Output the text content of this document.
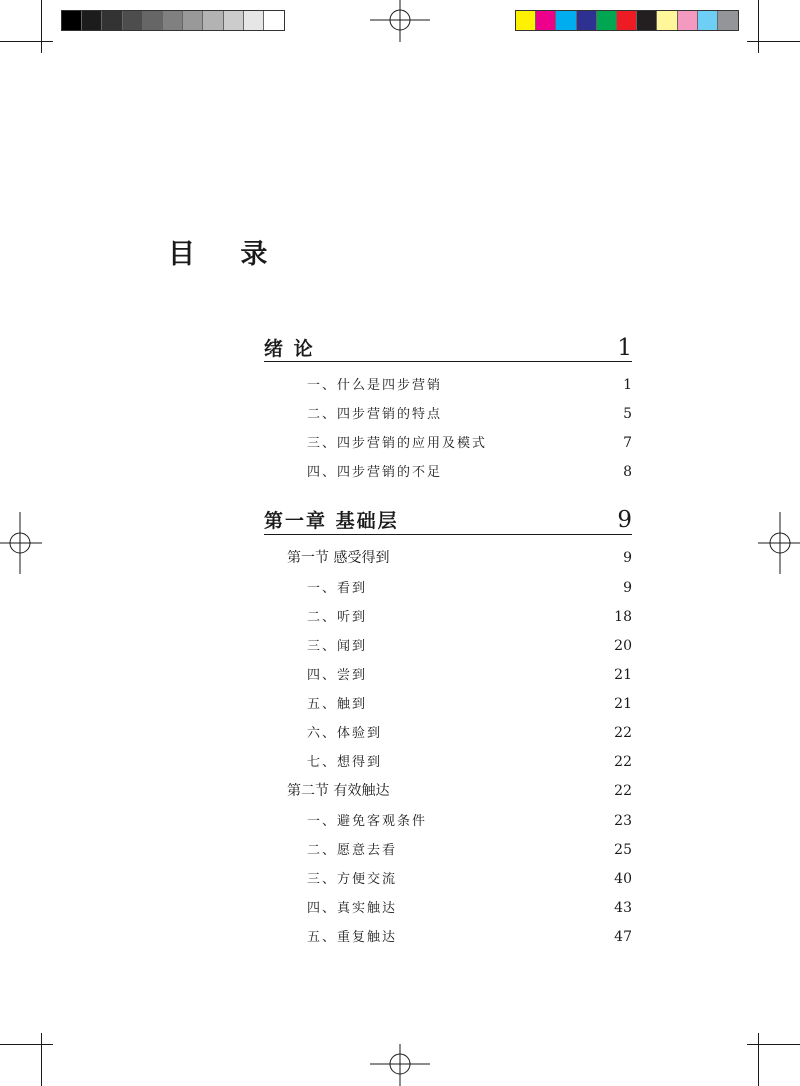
目 录
绪 论	1
一、什么是四步营销	1
二、四步营销的特点	5
三、四步营销的应用及模式	7
四、四步营销的不足	8
第一章 基础层	9
第一节 感受得到	9
一、看到	9
二、听到	18
三、闻到	20
四、尝到	21
五、触到	21
六、体验到	22
七、想得到	22
第二节 有效触达	22
一、避免客观条件	23
二、愿意去看	25
三、方便交流	40
四、真实触达	43
五、重复触达	47
